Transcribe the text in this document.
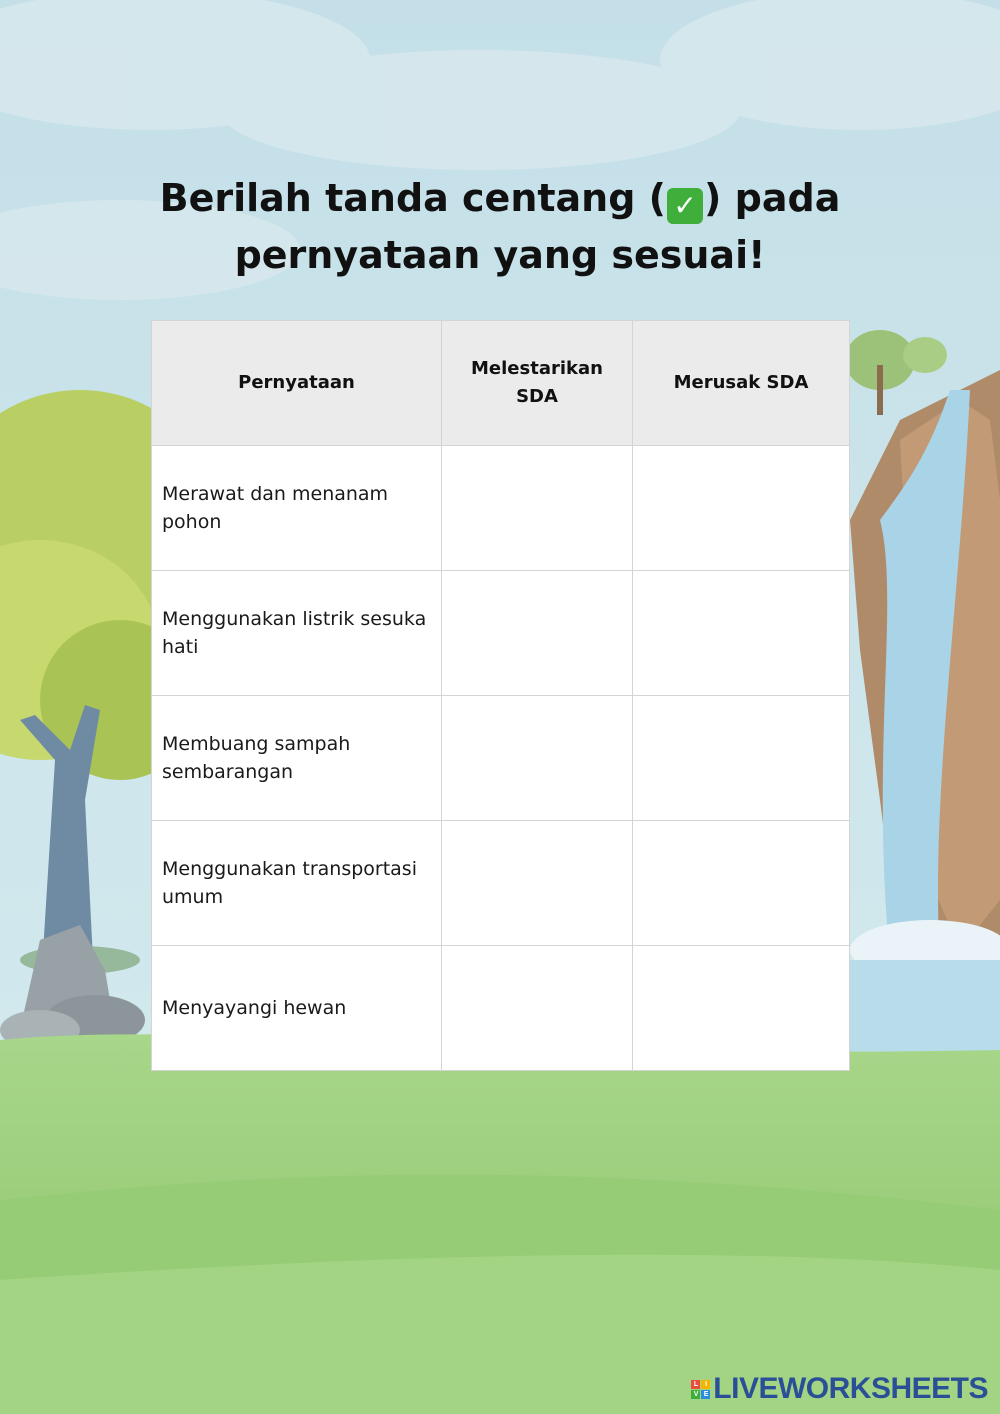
Berilah tanda centang ( ✓ ) pada
pernyataan yang sesuai!
Pernyataan	Melestarikan SDA	Merusak SDA
Merawat dan menanam pohon		
Menggunakan listrik sesuka hati		
Membuang sampah sembarangan		
Menggunakan transportasi umum		
Menyayangi hewan		
L	I
V E LIVEWORKSHEETS
